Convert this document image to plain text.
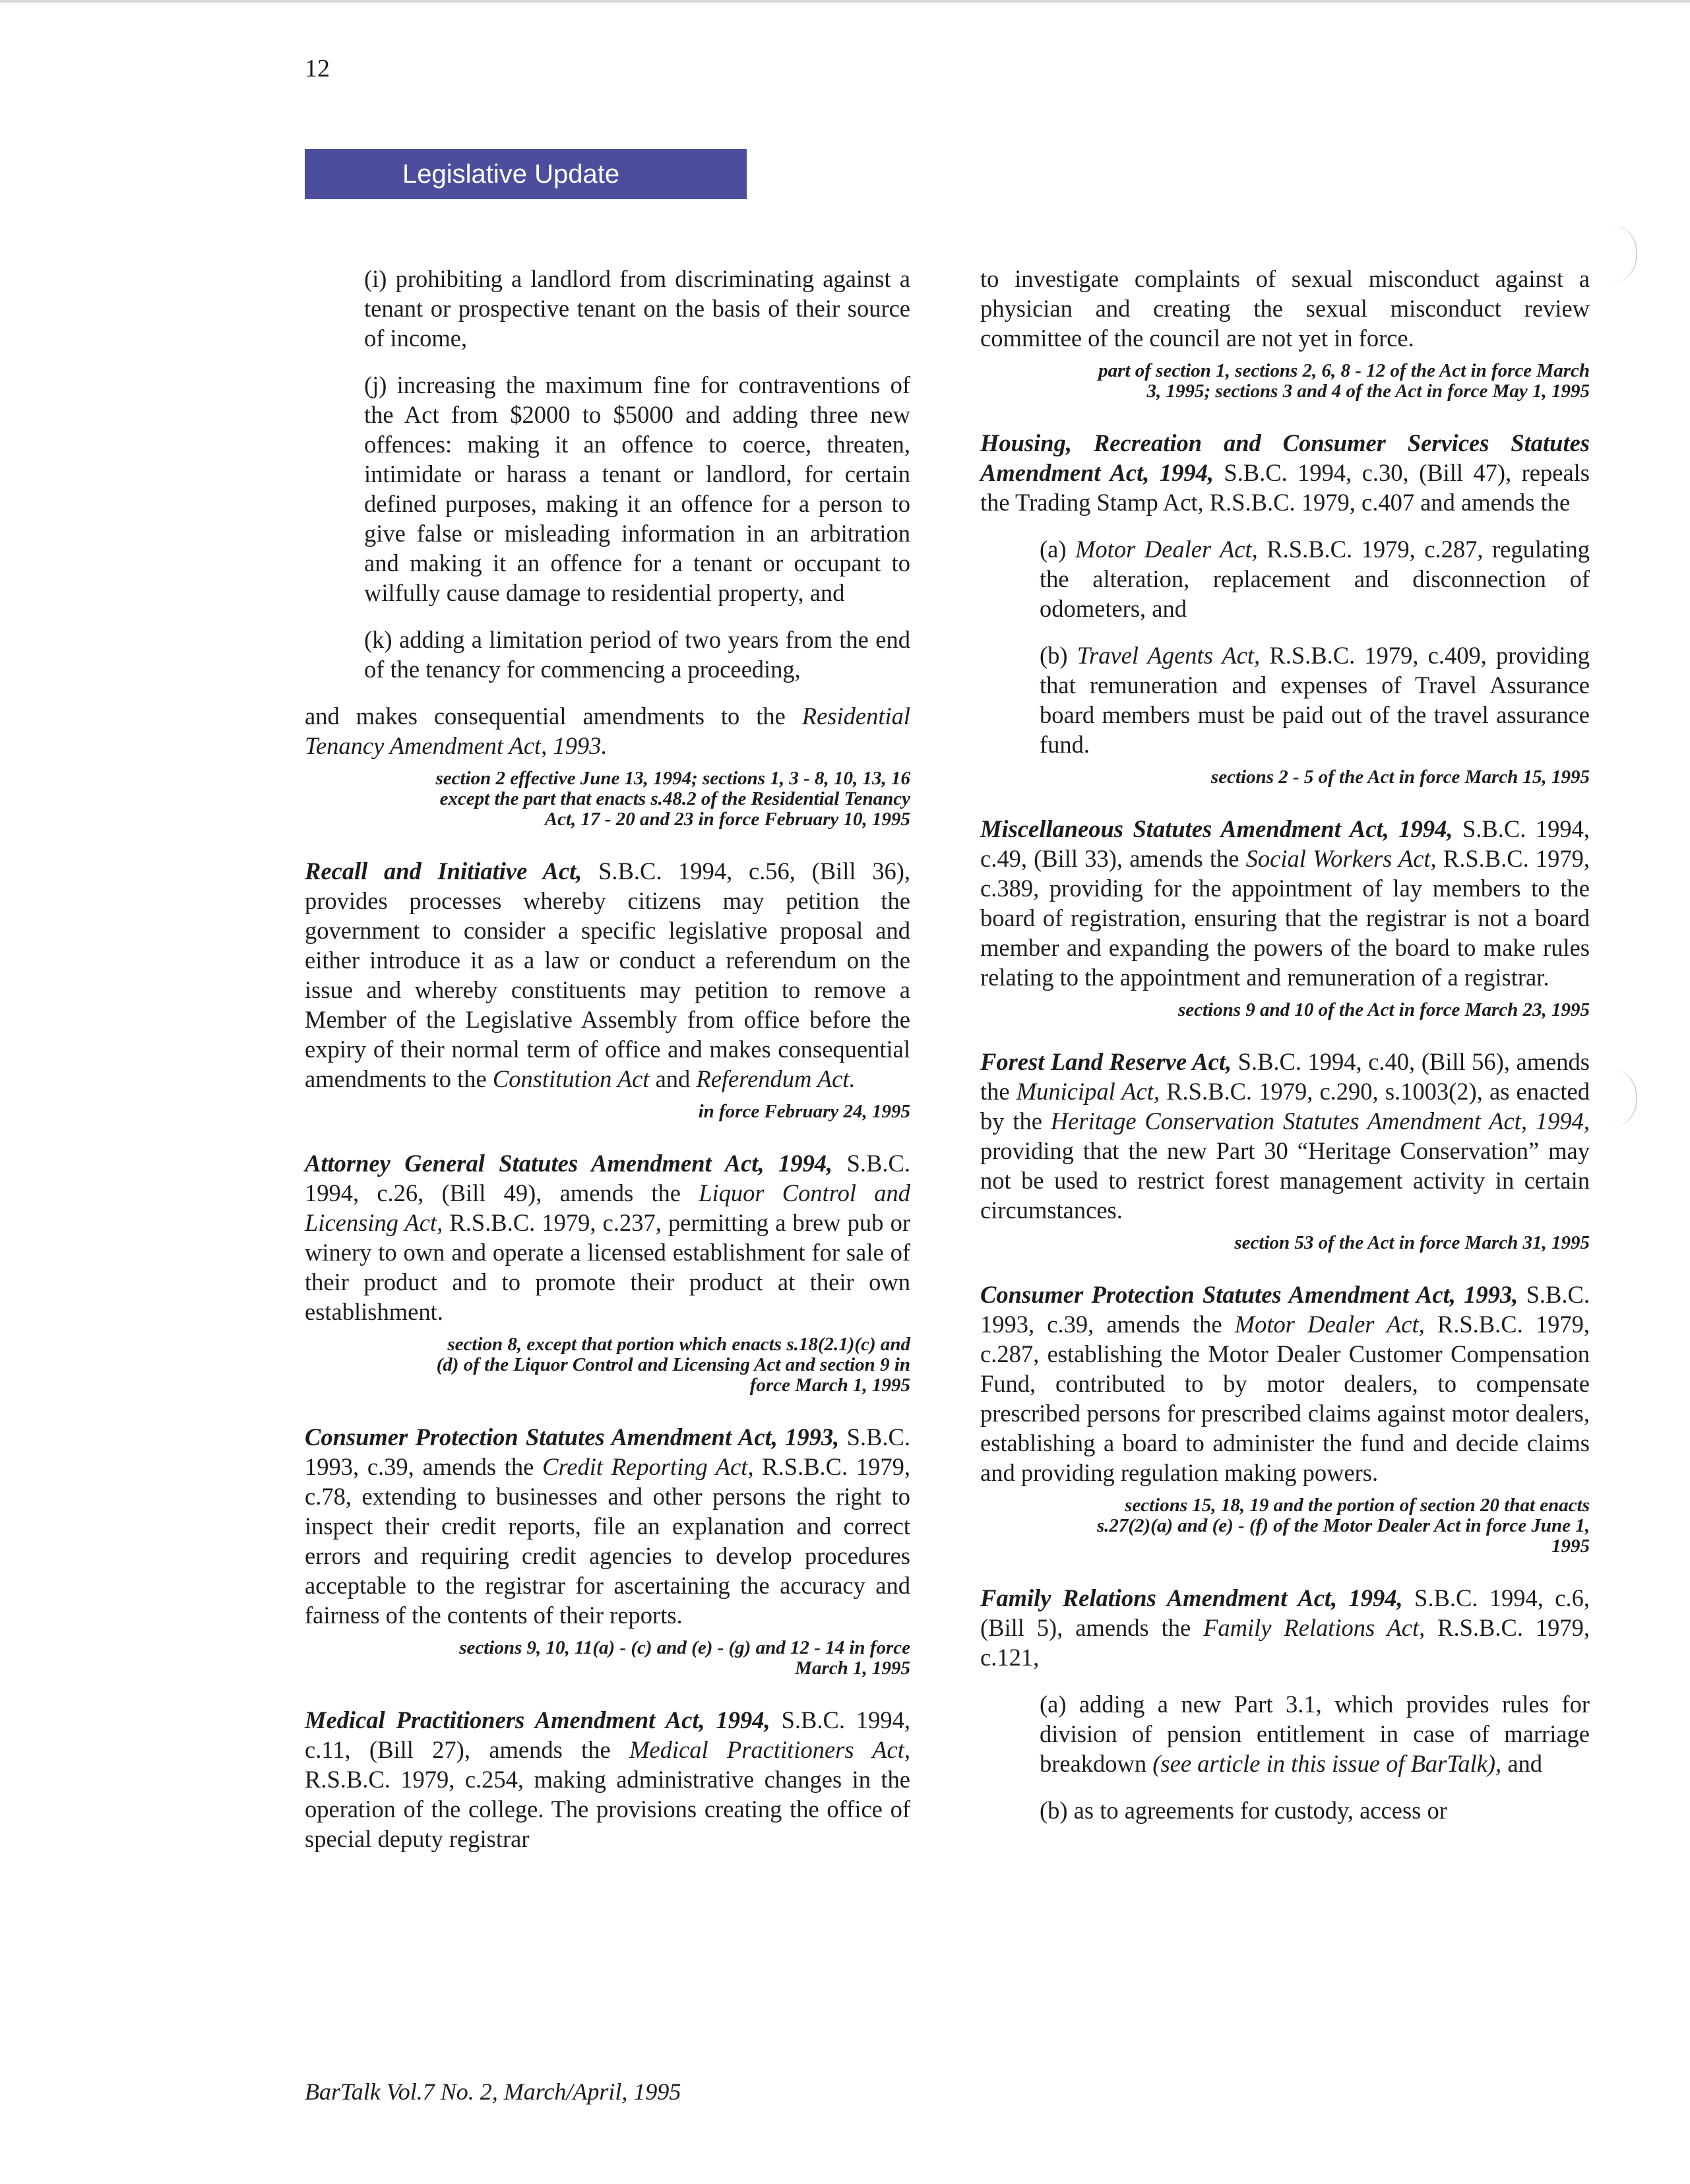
12
Legislative Update

(i) prohibiting a landlord from discriminating against a tenant or prospective tenant on the basis of their source of income,

(j) increasing the maximum fine for contraventions of the Act from $2000 to $5000 and adding three new offences: making it an offence to coerce, threaten, intimidate or harass a tenant or landlord, for certain defined purposes, making it an offence for a person to give false or misleading information in an arbitration and making it an offence for a tenant or occupant to wilfully cause damage to residential property, and

(k) adding a limitation period of two years from the end of the tenancy for commencing a proceeding,

and makes consequential amendments to the Residential Tenancy Amendment Act, 1993.

section 2 effective June 13, 1994; sections 1, 3 - 8, 10, 13, 16
except the part that enacts s.48.2 of the Residential Tenancy
Act, 17 - 20 and 23 in force February 10, 1995

Recall and Initiative Act, S.B.C. 1994, c.56, (Bill 36), provides processes whereby citizens may petition the government to consider a specific legislative proposal and either introduce it as a law or conduct a referendum on the issue and whereby constituents may petition to remove a Member of the Legislative Assembly from office before the expiry of their normal term of office and makes consequential amendments to the Constitution Act and Referendum Act.

in force February 24, 1995

Attorney General Statutes Amendment Act, 1994, S.B.C. 1994, c.26, (Bill 49), amends the Liquor Control and Licensing Act, R.S.B.C. 1979, c.237, permitting a brew pub or winery to own and operate a licensed establishment for sale of their product and to promote their product at their own establishment.

section 8, except that portion which enacts s.18(2.1)(c) and
(d) of the Liquor Control and Licensing Act and section 9 in
force March 1, 1995

Consumer Protection Statutes Amendment Act, 1993, S.B.C. 1993, c.39, amends the Credit Reporting Act, R.S.B.C. 1979, c.78, extending to businesses and other persons the right to inspect their credit reports, file an explanation and correct errors and requiring credit agencies to develop procedures acceptable to the registrar for ascertaining the accuracy and fairness of the contents of their reports.

sections 9, 10, 11(a) - (c) and (e) - (g) and 12 - 14 in force
March 1, 1995

Medical Practitioners Amendment Act, 1994, S.B.C. 1994, c.11, (Bill 27), amends the Medical Practitioners Act, R.S.B.C. 1979, c.254, making administrative changes in the operation of the college. The provisions creating the office of special deputy registrar

to investigate complaints of sexual misconduct against a physician and creating the sexual misconduct review committee of the council are not yet in force.

part of section 1, sections 2, 6, 8 - 12 of the Act in force March
3, 1995; sections 3 and 4 of the Act in force May 1, 1995

Housing, Recreation and Consumer Services Statutes Amendment Act, 1994, S.B.C. 1994, c.30, (Bill 47), repeals the Trading Stamp Act, R.S.B.C. 1979, c.407 and amends the

(a) Motor Dealer Act, R.S.B.C. 1979, c.287, regulating the alteration, replacement and disconnection of odometers, and

(b) Travel Agents Act, R.S.B.C. 1979, c.409, providing that remuneration and expenses of Travel Assurance board members must be paid out of the travel assurance fund.

sections 2 - 5 of the Act in force March 15, 1995

Miscellaneous Statutes Amendment Act, 1994, S.B.C. 1994, c.49, (Bill 33), amends the Social Workers Act, R.S.B.C. 1979, c.389, providing for the appointment of lay members to the board of registration, ensuring that the registrar is not a board member and expanding the powers of the board to make rules relating to the appointment and remuneration of a registrar.

sections 9 and 10 of the Act in force March 23, 1995

Forest Land Reserve Act, S.B.C. 1994, c.40, (Bill 56), amends the Municipal Act, R.S.B.C. 1979, c.290, s.1003(2), as enacted by the Heritage Conservation Statutes Amendment Act, 1994, providing that the new Part 30 “Heritage Conservation” may not be used to restrict forest management activity in certain circumstances.

section 53 of the Act in force March 31, 1995

Consumer Protection Statutes Amendment Act, 1993, S.B.C. 1993, c.39, amends the Motor Dealer Act, R.S.B.C. 1979, c.287, establishing the Motor Dealer Customer Compensation Fund, contributed to by motor dealers, to compensate prescribed persons for prescribed claims against motor dealers, establishing a board to administer the fund and decide claims and providing regulation making powers.

sections 15, 18, 19 and the portion of section 20 that enacts
s.27(2)(a) and (e) - (f) of the Motor Dealer Act in force June 1,
1995

Family Relations Amendment Act, 1994, S.B.C. 1994, c.6, (Bill 5), amends the Family Relations Act, R.S.B.C. 1979, c.121,

(a) adding a new Part 3.1, which provides rules for division of pension entitlement in case of marriage breakdown (see article in this issue of BarTalk), and

(b) as to agreements for custody, access or

BarTalk Vol.7 No. 2, March/April, 1995
